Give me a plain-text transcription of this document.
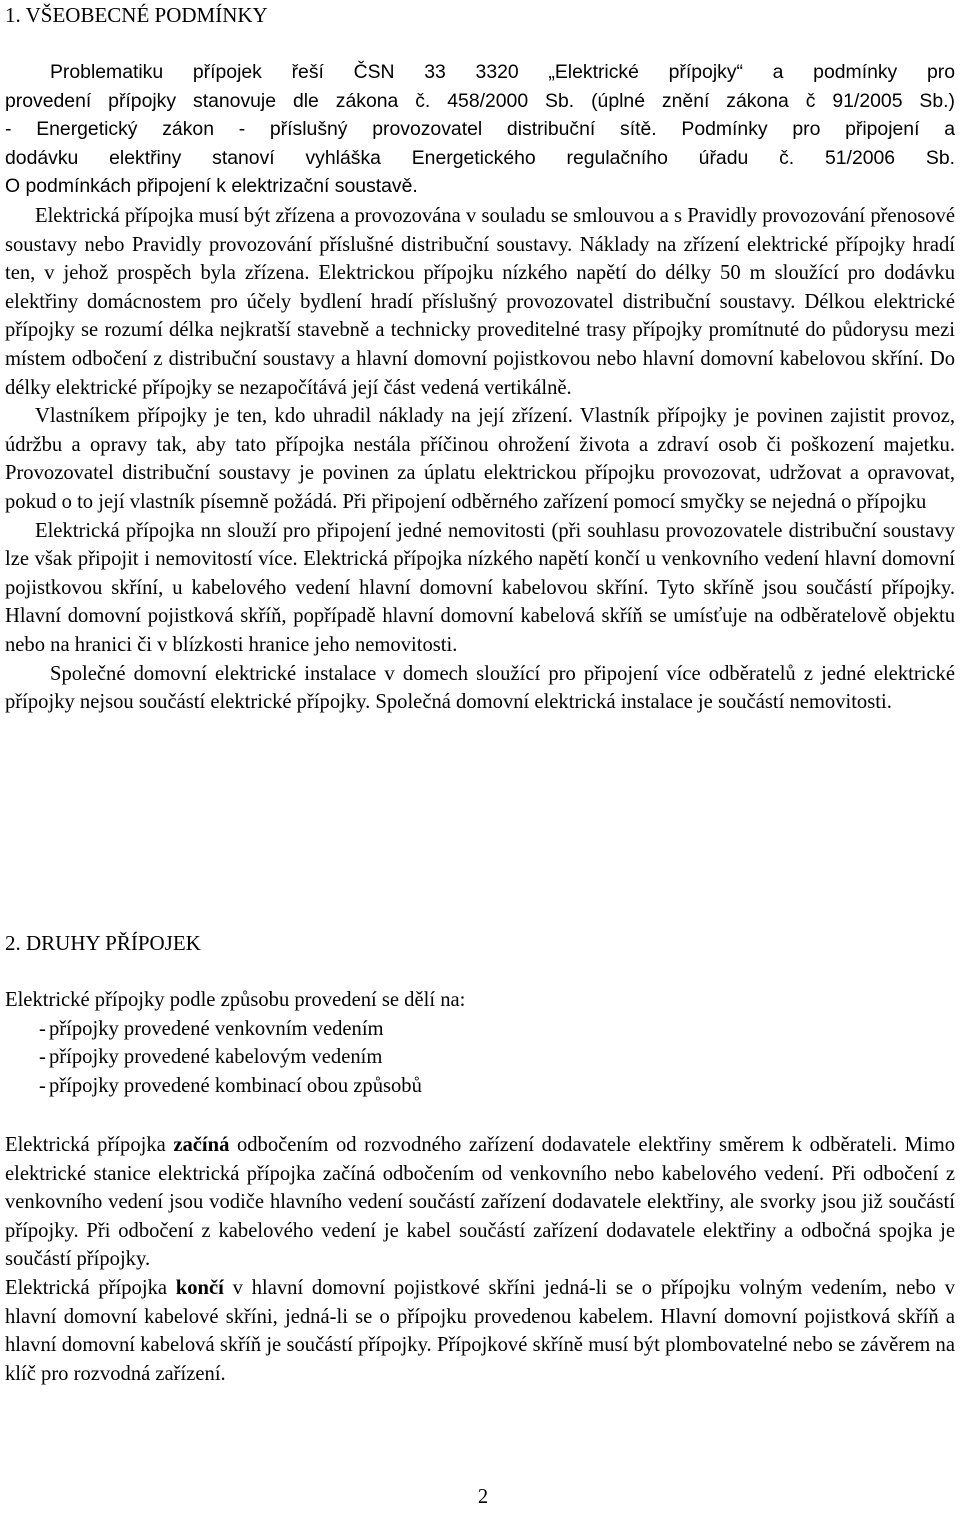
1. VŠEOBECNÉ PODMÍNKY

Problematiku přípojek řeší ČSN 33 3320 „Elektrické přípojky“ a podmínky pro

provedení přípojky stanovuje dle zákona č. 458/2000 Sb. (úplné znění zákona č 91/2005 Sb.)

- Energetický zákon - příslušný provozovatel distribuční sítě. Podmínky pro připojení a

dodávku elektřiny stanoví vyhláška Energetického regulačního úřadu č. 51/2006 Sb.

O podmínkách připojení k elektrizační soustavě.

Elektrická přípojka musí být zřízena a provozována v souladu se smlouvou a s Pravidly provozování přenosové soustavy nebo Pravidly provozování příslušné distribuční soustavy. Náklady na zřízení elektrické přípojky hradí ten, v jehož prospěch byla zřízena. Elektrickou přípojku nízkého napětí do délky 50 m sloužící pro dodávku elektřiny domácnostem pro účely bydlení hradí příslušný provozovatel distribuční soustavy. Délkou elektrické přípojky se rozumí délka nejkratší stavebně a technicky proveditelné trasy přípojky promítnuté do půdorysu mezi místem odbočení z distribuční soustavy a hlavní domovní pojistkovou nebo hlavní domovní kabelovou skříní. Do délky elektrické přípojky se nezapočítává její část vedená vertikálně.

Vlastníkem přípojky je ten, kdo uhradil náklady na její zřízení. Vlastník přípojky je povinen zajistit provoz, údržbu a opravy tak, aby tato přípojka nestála příčinou ohrožení života a zdraví osob či poškození majetku. Provozovatel distribuční soustavy je povinen za úplatu elektrickou přípojku provozovat, udržovat a opravovat, pokud o to její vlastník písemně požádá. Při připojení odběrného zařízení pomocí smyčky se nejedná o přípojku

Elektrická přípojka nn slouží pro připojení jedné nemovitosti (při souhlasu provozovatele distribuční soustavy lze však připojit i nemovitostí více. Elektrická přípojka nízkého napětí končí u venkovního vedení hlavní domovní pojistkovou skříní, u kabelového vedení hlavní domovní kabelovou skříní. Tyto skříně jsou součástí přípojky. Hlavní domovní pojistková skříň, popřípadě hlavní domovní kabelová skříň se umísťuje na odběratelově objektu nebo na hranici či v blízkosti hranice jeho nemovitosti.

Společné domovní elektrické instalace v domech sloužící pro připojení více odběratelů z jedné elektrické přípojky nejsou součástí elektrické přípojky. Společná domovní elektrická instalace je součástí nemovitosti.

2. DRUHY PŘÍPOJEK

Elektrické přípojky podle způsobu provedení se dělí na:

- přípojky provedené venkovním vedením
- přípojky provedené kabelovým vedením
- přípojky provedené kombinací obou způsobů

Elektrická přípojka začíná odbočením od rozvodného zařízení dodavatele elektřiny směrem k odběrateli. Mimo elektrické stanice elektrická přípojka začíná odbočením od venkovního nebo kabelového vedení. Při odbočení z venkovního vedení jsou vodiče hlavního vedení součástí zařízení dodavatele elektřiny, ale svorky jsou již součástí přípojky. Při odbočení z kabelového vedení je kabel součástí zařízení dodavatele elektřiny a odbočná spojka je součástí přípojky.

Elektrická přípojka končí v hlavní domovní pojistkové skříni jedná-li se o přípojku volným vedením, nebo v hlavní domovní kabelové skříni, jedná-li se o přípojku provedenou kabelem. Hlavní domovní pojistková skříň a hlavní domovní kabelová skříň je součástí přípojky. Přípojkové skříně musí být plombovatelné nebo se závěrem na klíč pro rozvodná zařízení.

2
